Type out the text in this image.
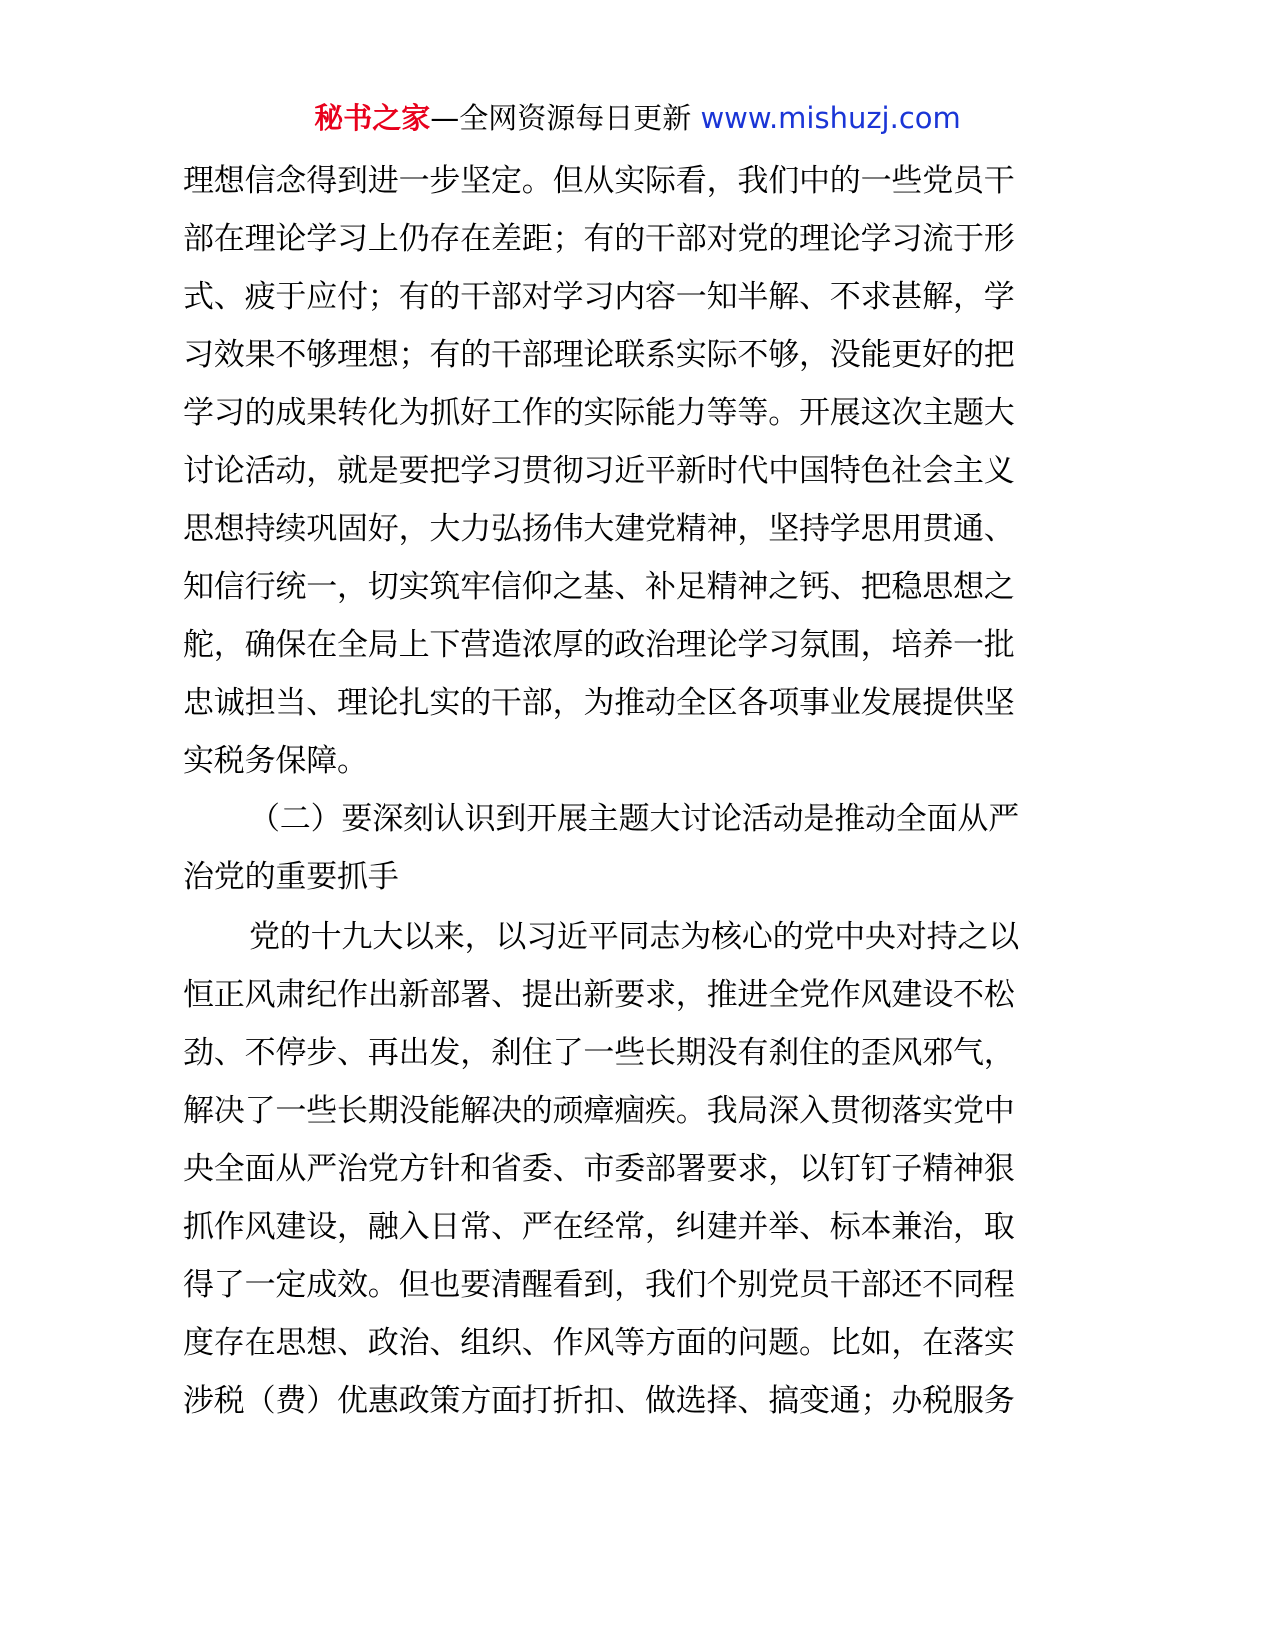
秘书之家—全网资源每日更新 www.mishuzj.com

理想信念得到进一步坚定。但从实际看，我们中的一些党员干

部在理论学习上仍存在差距；有的干部对党的理论学习流于形

式、疲于应付；有的干部对学习内容一知半解、不求甚解，学

习效果不够理想；有的干部理论联系实际不够，没能更好的把

学习的成果转化为抓好工作的实际能力等等。开展这次主题大

讨论活动，就是要把学习贯彻习近平新时代中国特色社会主义

思想持续巩固好，大力弘扬伟大建党精神，坚持学思用贯通、

知信行统一，切实筑牢信仰之基、补足精神之钙、把稳思想之

舵，确保在全局上下营造浓厚的政治理论学习氛围，培养一批

忠诚担当、理论扎实的干部，为推动全区各项事业发展提供坚

实税务保障。

（二）要深刻认识到开展主题大讨论活动是推动全面从严

治党的重要抓手

党的十九大以来，以习近平同志为核心的党中央对持之以

恒正风肃纪作出新部署、提出新要求，推进全党作风建设不松

劲、不停步、再出发，刹住了一些长期没有刹住的歪风邪气，

解决了一些长期没能解决的顽瘴痼疾。我局深入贯彻落实党中

央全面从严治党方针和省委、市委部署要求，以钉钉子精神狠

抓作风建设，融入日常、严在经常，纠建并举、标本兼治，取

得了一定成效。但也要清醒看到，我们个别党员干部还不同程

度存在思想、政治、组织、作风等方面的问题。比如，在落实

涉税（费）优惠政策方面打折扣、做选择、搞变通；办税服务
